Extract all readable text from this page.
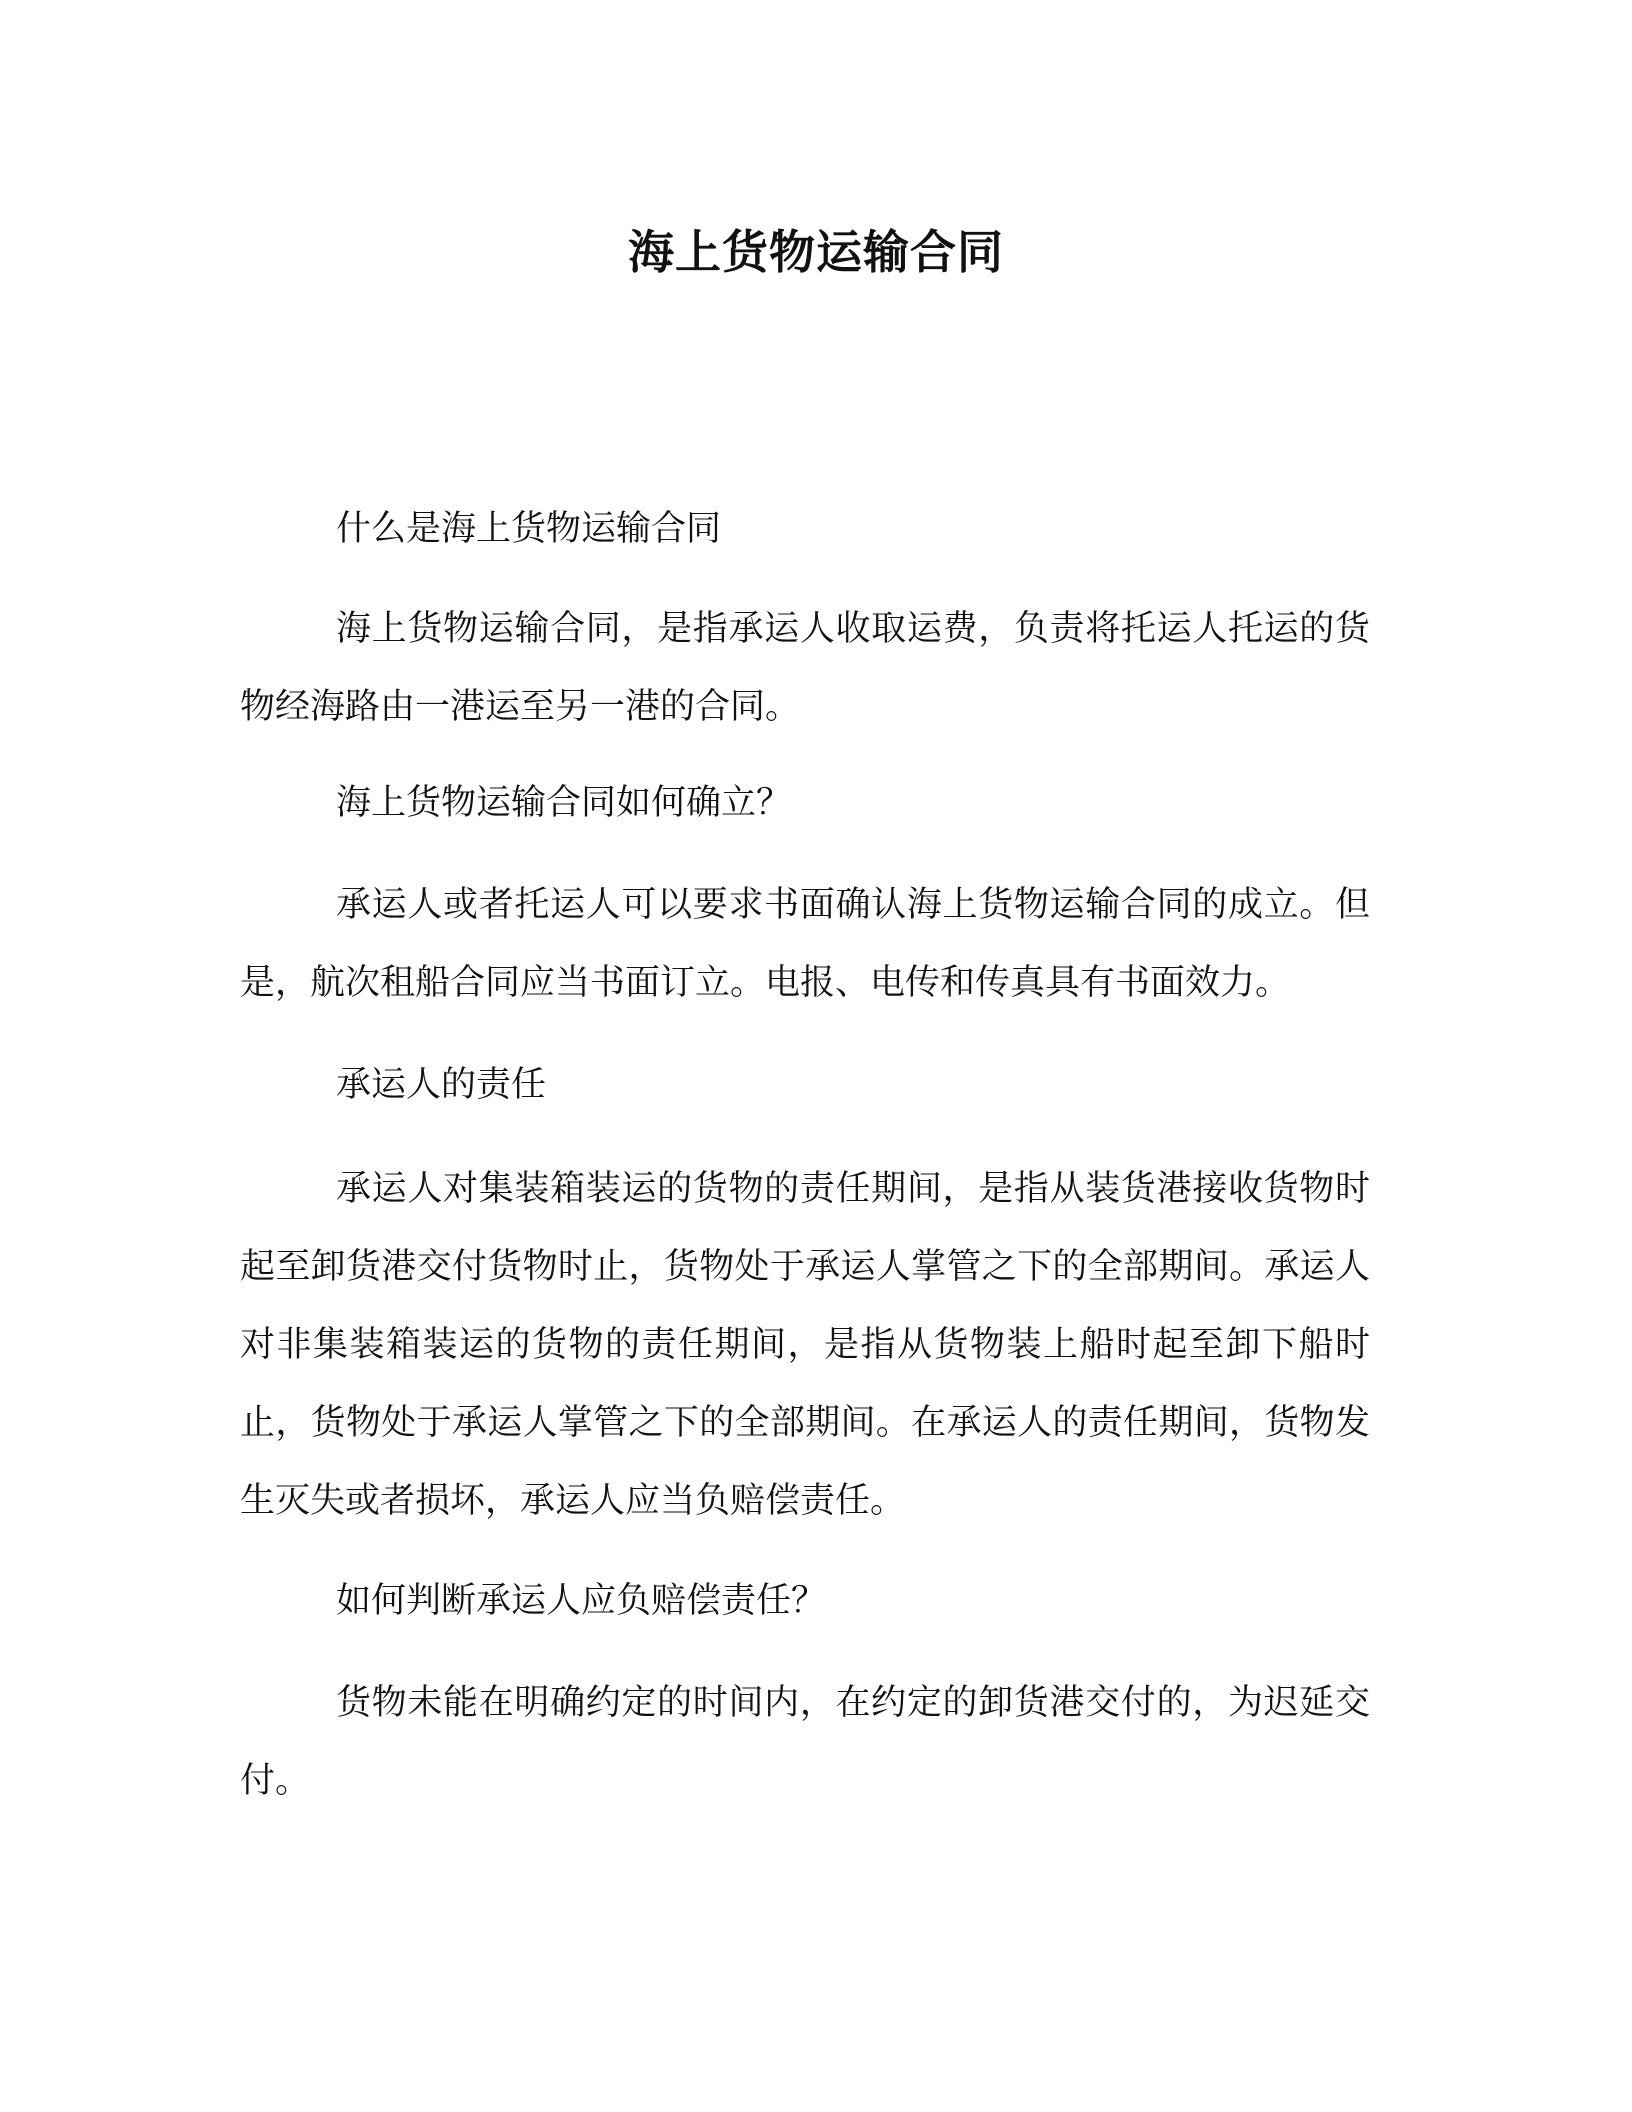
海上货物运输合同

什么是海上货物运输合同

海上货物运输合同，是指承运人收取运费，负责将托运人托运的货物经海路由一港运至另一港的合同。

海上货物运输合同如何确立？

承运人或者托运人可以要求书面确认海上货物运输合同的成立。但是，航次租船合同应当书面订立。电报、电传和传真具有书面效力。

承运人的责任

承运人对集装箱装运的货物的责任期间，是指从装货港接收货物时起至卸货港交付货物时止，货物处于承运人掌管之下的全部期间。承运人对非集装箱装运的货物的责任期间，是指从货物装上船时起至卸下船时止，货物处于承运人掌管之下的全部期间。在承运人的责任期间，货物发生灭失或者损坏，承运人应当负赔偿责任。

如何判断承运人应负赔偿责任？

货物未能在明确约定的时间内，在约定的卸货港交付的，为迟延交付。
